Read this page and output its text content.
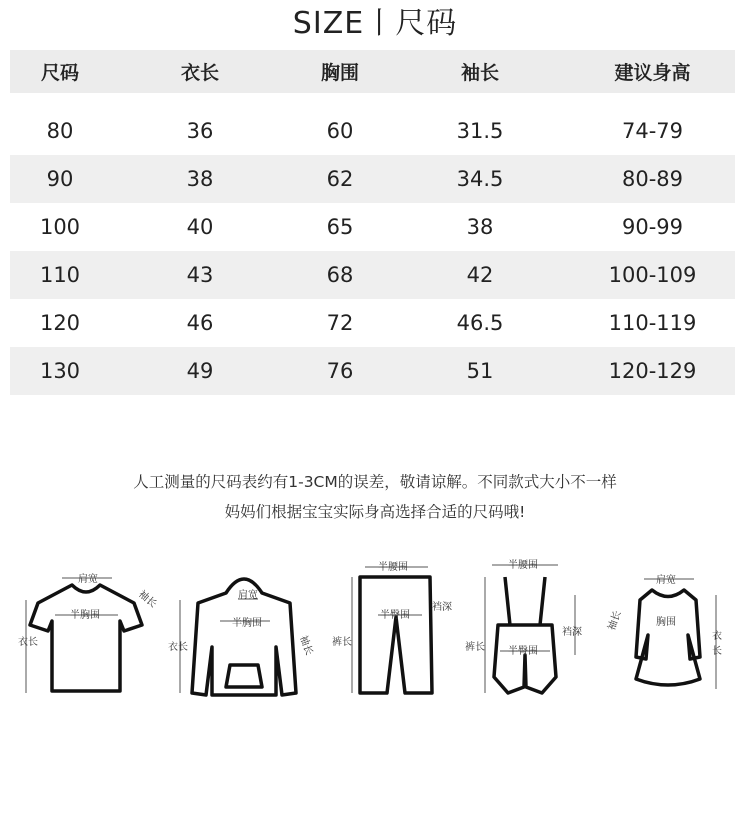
SIZE丨尺码
尺码	衣长	胸围	袖长	建议身高
80	36	60	31.5	74-79
90	38	62	34.5	80-89
100	40	65	38	90-99
110	43	68	42	100-109
120	46	72	46.5	110-119
130	49	76	51	120-129
人工测量的尺码表约有1-3CM的误差，敬请谅解。不同款式大小不一样
妈妈们根据宝宝实际身高选择合适的尺码哦!
肩宽
袖长
半胸围
衣长
肩宽
半胸围
衣长	袖长
半腰围
半臀围
裆深
裤长
半腰围
半臀围
裆深
裤长
肩宽
袖长	胸围
衣
长
